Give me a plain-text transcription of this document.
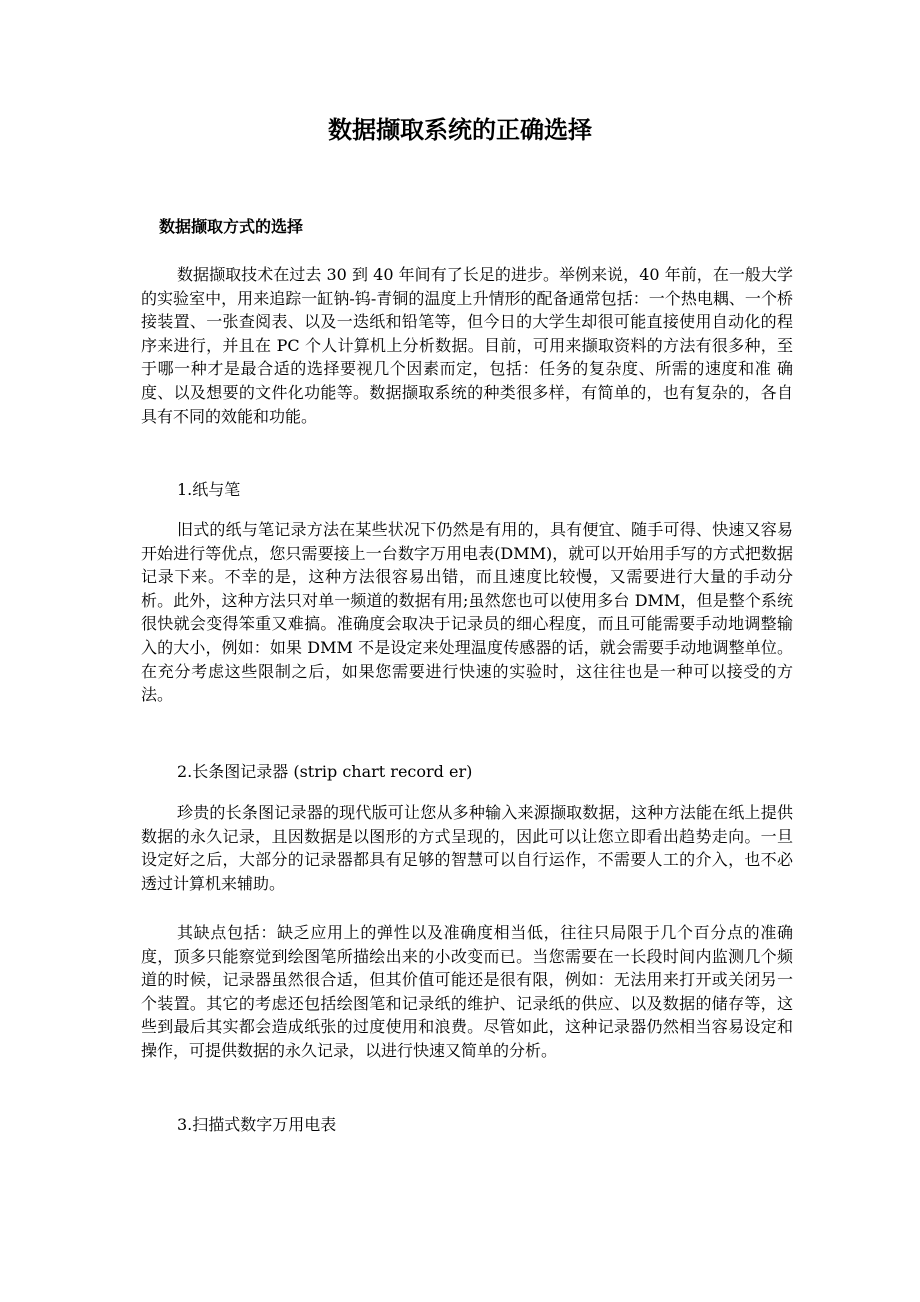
数据撷取系统的正确选择
数据撷取方式的选择

数据撷取技术在过去 30 到 40 年间有了长足的进步。举例来说，40 年前，在一般大学的实验室中，用来追踪一缸钠-钨-青铜的温度上升情形的配备通常包括：一个热电耦、一个桥接装置、一张查阅表、以及一迭纸和铅笔等，但今日的大学生却很可能直接使用自动化的程序来进行，并且在 PC 个人计算机上分析数据。目前，可用来撷取资料的方法有很多种，至于哪一种才是最合适的选择要视几个因素而定，包括：任务的复杂度、所需的速度和准 确度、以及想要的文件化功能等。数据撷取系统的种类很多样，有简单的，也有复杂的，各自具有不同的效能和功能。

1.纸与笔

旧式的纸与笔记录方法在某些状况下仍然是有用的，具有便宜、随手可得、快速又容易开始进行等优点，您只需要接上一台数字万用电表(DMM)，就可以开始用手写的方式把数据记录下来。不幸的是，这种方法很容易出错，而且速度比较慢，又需要进行大量的手动分析。此外，这种方法只对单一频道的数据有用;虽然您也可以使用多台 DMM，但是整个系统很快就会变得笨重又难搞。准确度会取决于记录员的细心程度，而且可能需要手动地调整输入的大小，例如：如果 DMM 不是设定来处理温度传感器的话，就会需要手动地调整单位。在充分考虑这些限制之后，如果您需要进行快速的实验时，这往往也是一种可以接受的方法。

2.长条图记录器 (strip chart record er)

珍贵的长条图记录器的现代版可让您从多种输入来源撷取数据，这种方法能在纸上提供数据的永久记录，且因数据是以图形的方式呈现的，因此可以让您立即看出趋势走向。一旦设定好之后，大部分的记录器都具有足够的智慧可以自行运作，不需要人工的介入，也不必透过计算机来辅助。

其缺点包括：缺乏应用上的弹性以及准确度相当低，往往只局限于几个百分点的准确度，顶多只能察觉到绘图笔所描绘出来的小改变而已。当您需要在一长段时间内监测几个频道的时候，记录器虽然很合适，但其价值可能还是很有限，例如：无法用来打开或关闭另一个装置。其它的考虑还包括绘图笔和记录纸的维护、记录纸的供应、以及数据的储存等，这些到最后其实都会造成纸张的过度使用和浪费。尽管如此，这种记录器仍然相当容易设定和操作，可提供数据的永久记录，以进行快速又简单的分析。

3.扫描式数字万用电表
